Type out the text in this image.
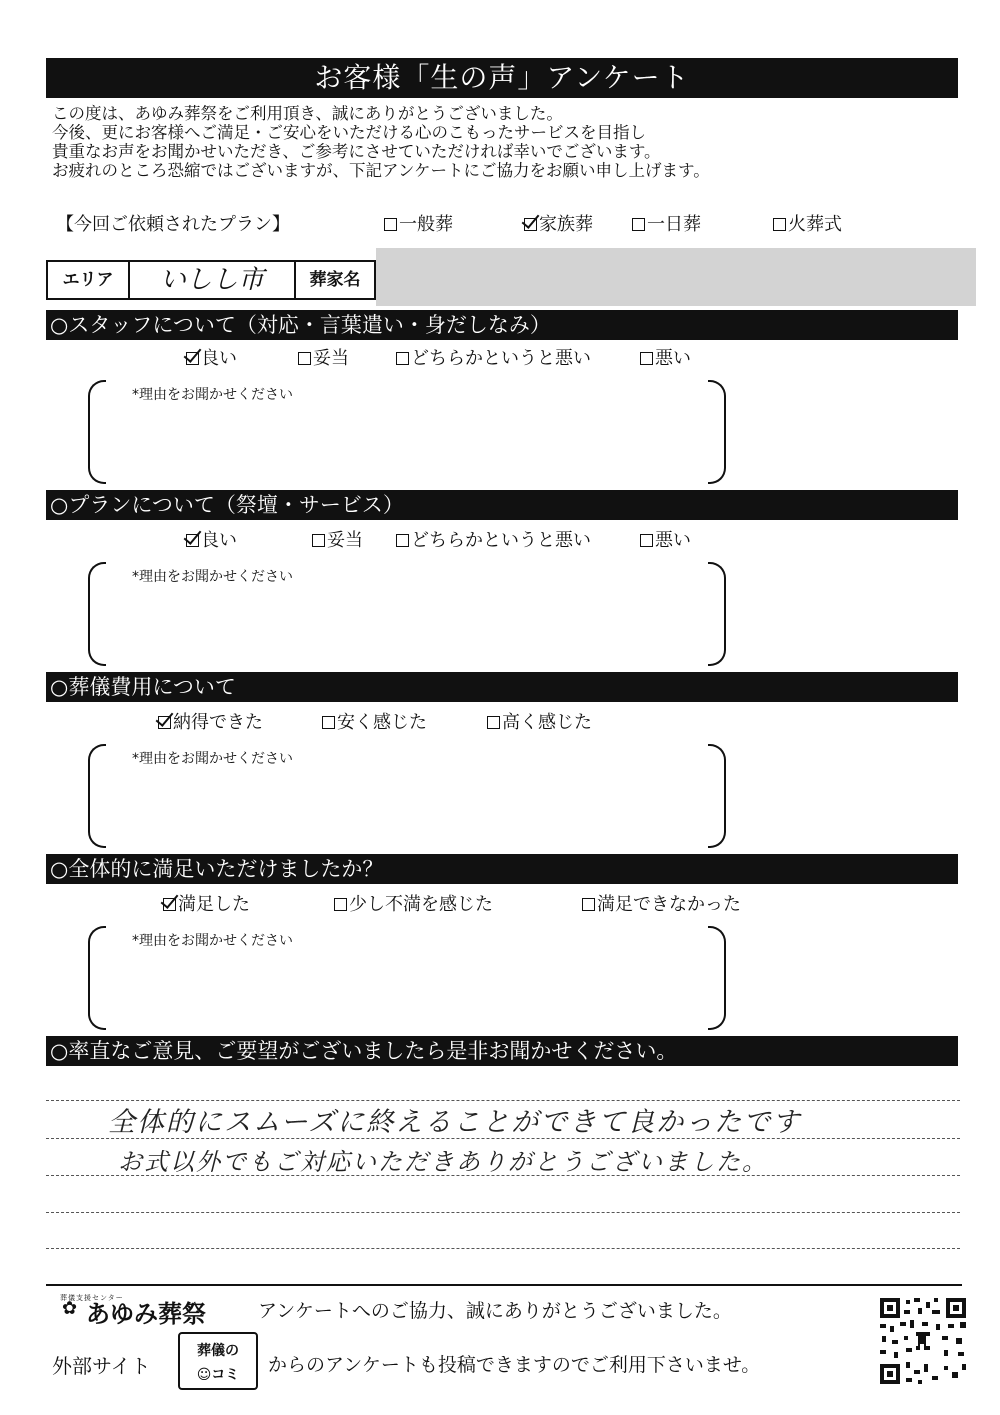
お客様「生の声」アンケート
この度は、あゆみ葬祭をご利用頂き、誠にありがとうございました。
今後、更にお客様へご満足・ご安心をいただける心のこもったサービスを目指し
貴重なお声をお聞かせいただき、ご参考にさせていただければ幸いでございます。
お疲れのところ恐縮ではございますが、下記アンケートにご協力をお願い申し上げます。
【今回ご依頼されたプラン】	一般葬	家族葬	一日葬	火葬式
エリア	いしし市	葬家名
○スタッフについて（対応・言葉遣い・身だしなみ）
良い	妥当	どちらかというと悪い	悪い
*理由をお聞かせください
○プランについて（祭壇・サービス）
良い	妥当	どちらかというと悪い	悪い
*理由をお聞かせください
○葬儀費用について
納得できた	安く感じた	高く感じた
*理由をお聞かせください
○全体的に満足いただけましたか？
満足した	少し不満を感じた	満足できなかった
*理由をお聞かせください
○率直なご意見、ご要望がございましたら是非お聞かせください。
全体的にスムーズに終えることができて良かったです
お式以外でもご対応いただきありがとうございました。
葬儀支援センター
✿ あゆみ葬祭	アンケートへのご協力、誠にありがとうございました。
外部サイト
葬儀の
☺コミ	からのアンケートも投稿できますのでご利用下さいませ。
